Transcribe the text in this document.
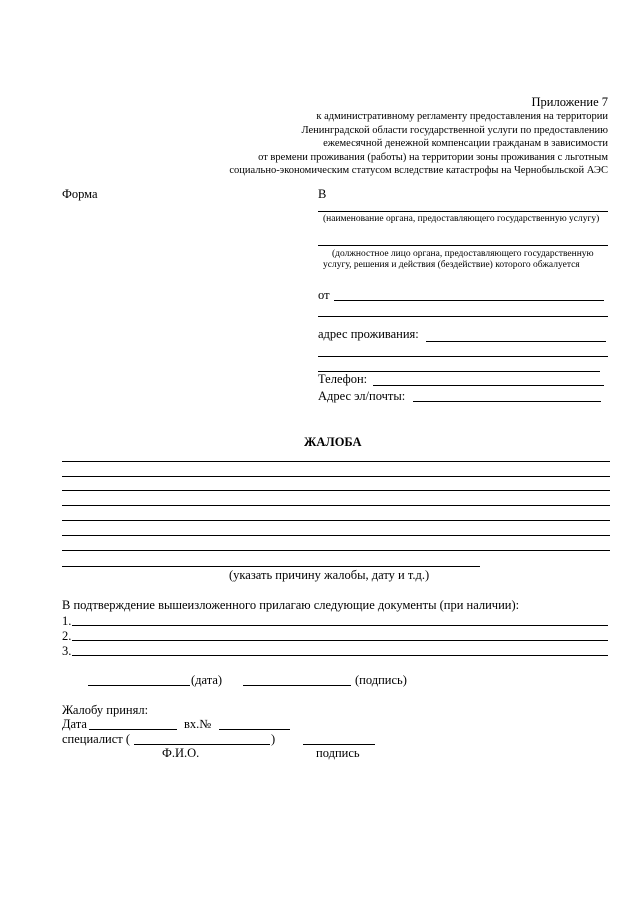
Приложение 7
к административному регламенту предоставления на территории
Ленинградской области государственной услуги по предоставлению
ежемесячной денежной компенсации гражданам в зависимости
от времени проживания (работы) на территории зоны проживания с льготным
социально-экономическим статусом вследствие катастрофы на Чернобыльской АЭС
Форма	В
(наименование органа, предоставляющего государственную услугу)
(должностное лицо органа, предоставляющего государственную
услугу, решения и действия (бездействие) которого обжалуется
от
адрес проживания:
Телефон:
Адрес эл/почты:
ЖАЛОБА
(указать причину жалобы, дату и т.д.)
В подтверждение вышеизложенного прилагаю следующие документы (при наличии):
1.
2.
3.
(дата)	(подпись)
Жалобу принял:
Дата	вх.№
специалист (	)
Ф.И.О.	подпись
